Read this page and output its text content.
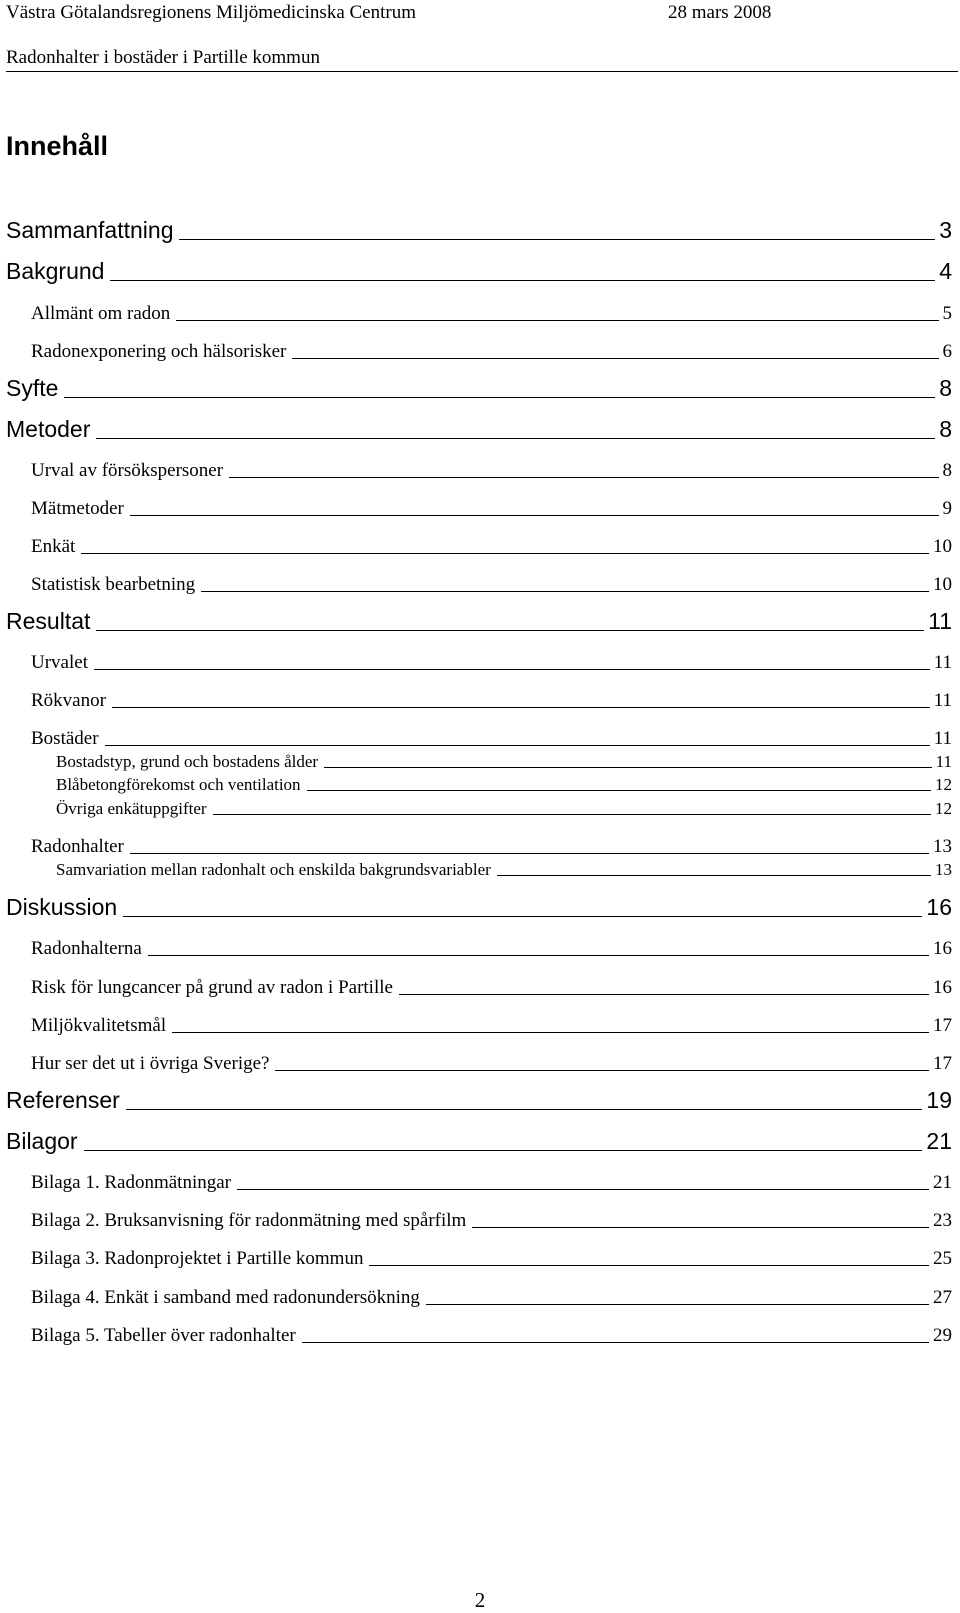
Västra Götalandsregionens Miljömedicinska Centrum	28 mars 2008
Radonhalter i bostäder i Partille kommun
Innehåll
Sammanfattning	3
Bakgrund	4
Allmänt om radon	5
Radonexponering och hälsorisker	6
Syfte	8
Metoder	8
Urval av försökspersoner	8
Mätmetoder	9
Enkät	10
Statistisk bearbetning	10
Resultat	11
Urvalet	11
Rökvanor	11
Bostäder	11
Bostadstyp, grund och bostadens ålder	11
Blåbetongförekomst och ventilation	12
Övriga enkätuppgifter	12
Radonhalter	13
Samvariation mellan radonhalt och enskilda bakgrundsvariabler	13
Diskussion	16
Radonhalterna	16
Risk för lungcancer på grund av radon i Partille	16
Miljökvalitetsmål	17
Hur ser det ut i övriga Sverige?	17
Referenser	19
Bilagor	21
Bilaga 1. Radonmätningar	21
Bilaga 2. Bruksanvisning för radonmätning med spårfilm	23
Bilaga 3. Radonprojektet i Partille kommun	25
Bilaga 4. Enkät i samband med radonundersökning	27
Bilaga 5. Tabeller över radonhalter	29
2
